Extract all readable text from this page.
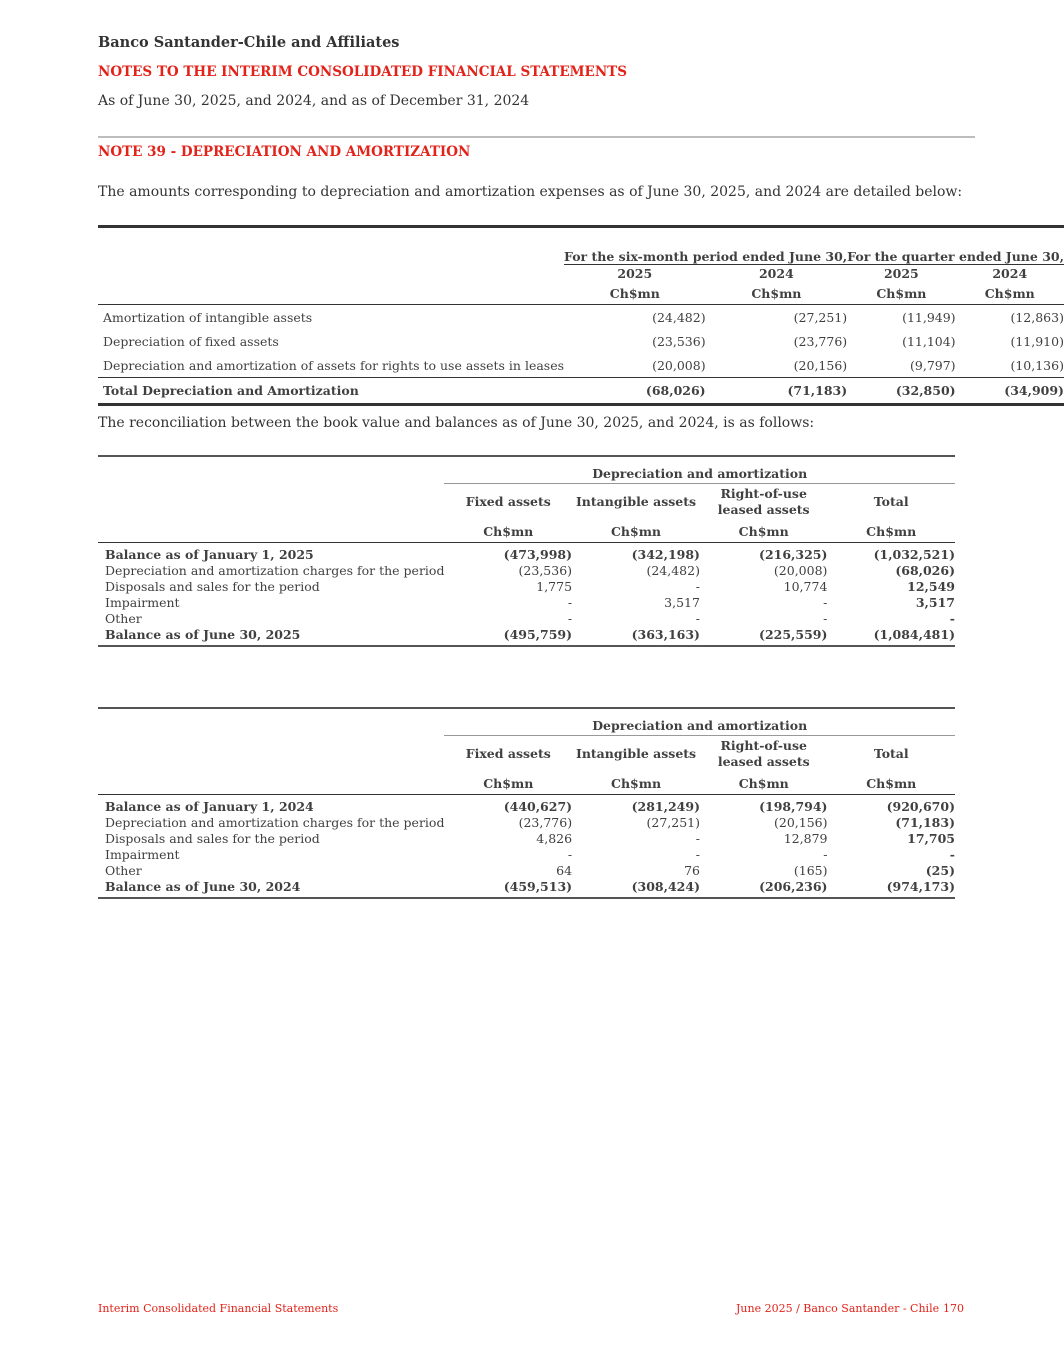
Banco Santander-Chile and Affiliates
NOTES TO THE INTERIM CONSOLIDATED FINANCIAL STATEMENTS
As of June 30, 2025, and 2024, and as of December 31, 2024
NOTE 39 - DEPRECIATION AND AMORTIZATION
The amounts corresponding to depreciation and amortization expenses as of June 30, 2025, and 2024 are detailed below:
	For the six-month period ended June 30,		For the quarter ended June 30,	
	2025	2024		2025	2024
	Ch$mn	Ch$mn		Ch$mn	Ch$mn
Amortization of intangible assets	(24,482)	(27,251)		(11,949)	(12,863)
Depreciation of fixed assets	(23,536)	(23,776)		(11,104)	(11,910)
Depreciation and amortization of assets for rights to use assets in leases	(20,008)	(20,156)		(9,797)	(10,136)
Total Depreciation and Amortization	(68,026)	(71,183)		(32,850)	(34,909)
The reconciliation between the book value and balances as of June 30, 2025, and 2024, is as follows:
	Depreciation and amortization			
	Fixed assets	Intangible assets	Right-of-use leased assets	Total
	Ch$mn	Ch$mn	Ch$mn	Ch$mn
Balance as of January 1, 2025	(473,998)	(342,198)	(216,325)	(1,032,521)
Depreciation and amortization charges for the period	(23,536)	(24,482)	(20,008)	(68,026)
Disposals and sales for the period	1,775	-	10,774	12,549
Impairment	-	3,517	-	3,517
Other	-	-	-	-
Balance as of June 30, 2025	(495,759)	(363,163)	(225,559)	(1,084,481)
	Depreciation and amortization			
	Fixed assets	Intangible assets	Right-of-use leased assets	Total
	Ch$mn	Ch$mn	Ch$mn	Ch$mn
Balance as of January 1, 2024	(440,627)	(281,249)	(198,794)	(920,670)
Depreciation and amortization charges for the period	(23,776)	(27,251)	(20,156)	(71,183)
Disposals and sales for the period	4,826	-	12,879	17,705
Impairment	-	-	-	-
Other	64	76	(165)	(25)
Balance as of June 30, 2024	(459,513)	(308,424)	(206,236)	(974,173)
Interim Consolidated Financial Statements	June 2025 / Banco Santander - Chile 170
